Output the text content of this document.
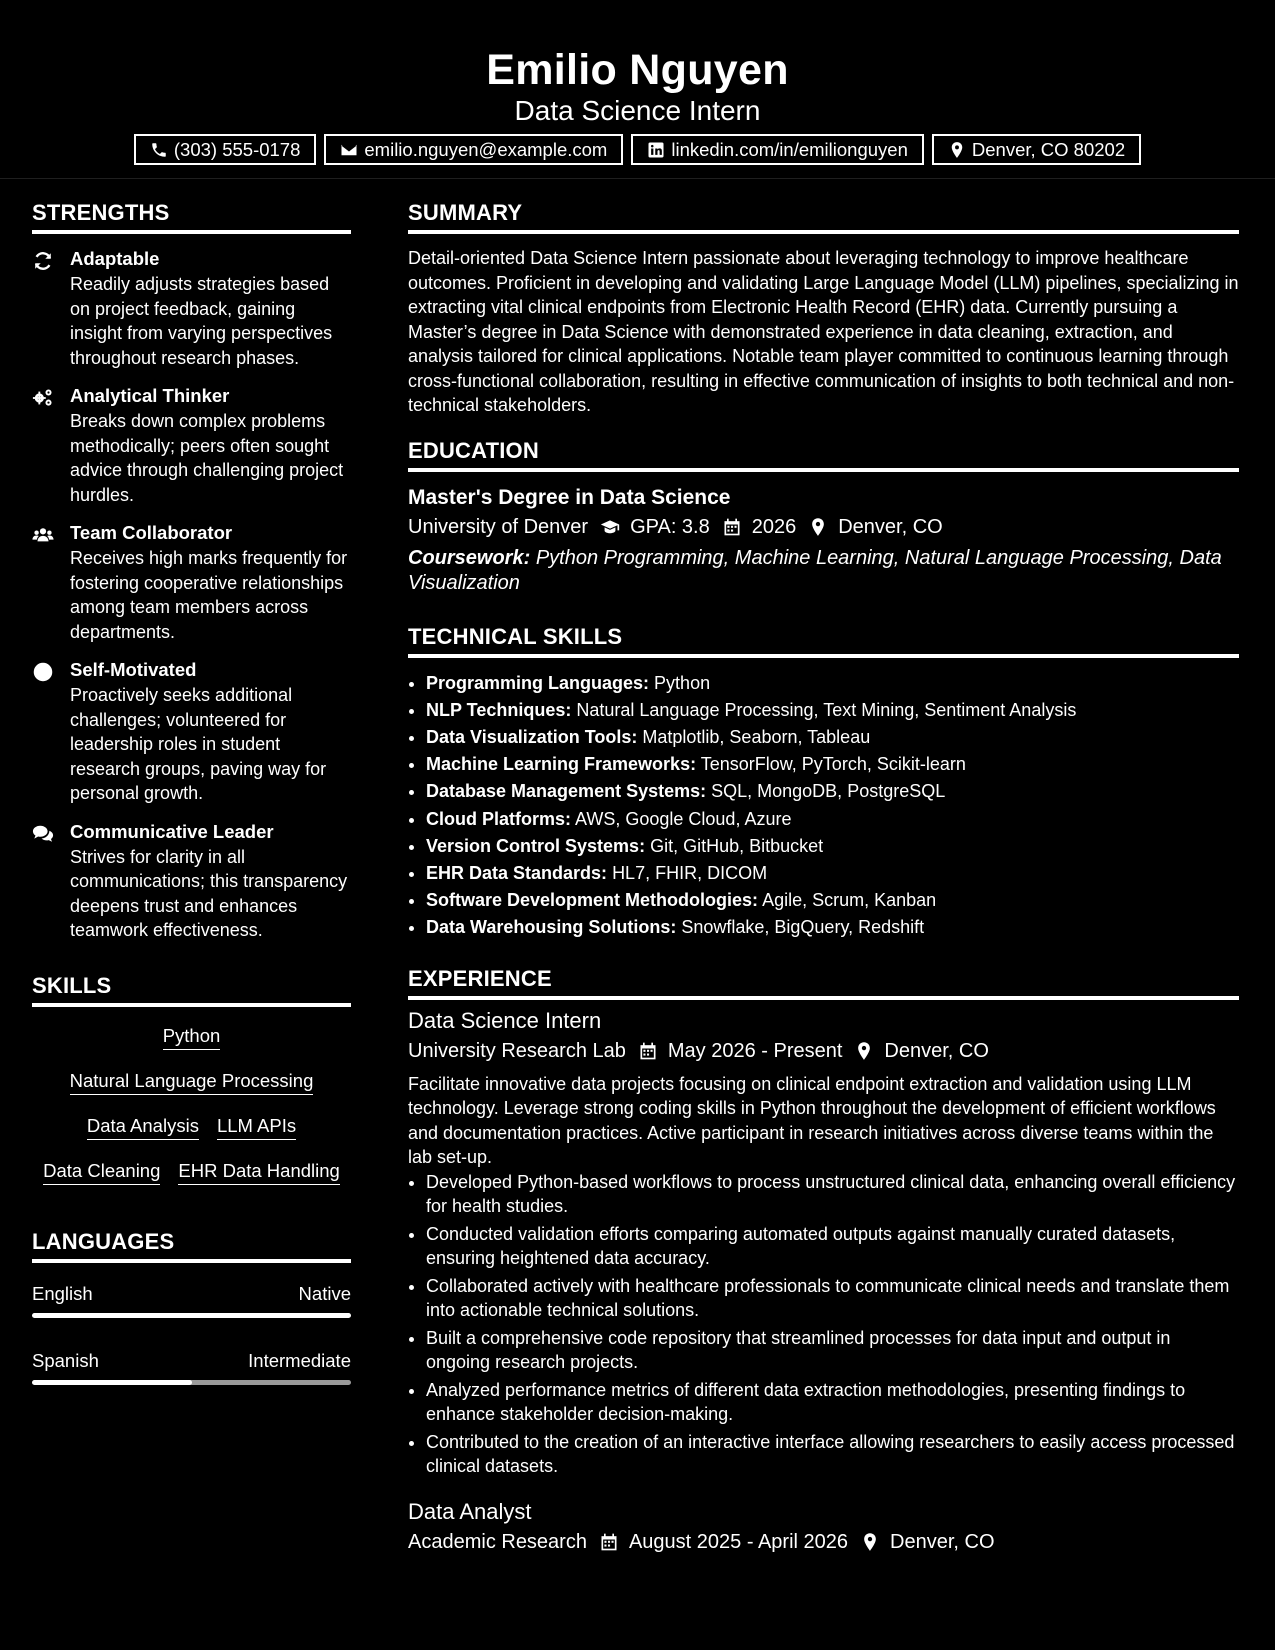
Emilio Nguyen
Data Science Intern
(303) 555-0178	emilio.nguyen@example.com	linkedin.com/in/emilionguyen	Denver, CO 80202
STRENGTHS
Adaptable
Readily adjusts strategies based on project feedback, gaining insight from varying perspectives throughout research phases.
Analytical Thinker
Breaks down complex problems methodically; peers often sought advice through challenging project hurdles.
Team Collaborator
Receives high marks frequently for fostering cooperative relationships among team members across departments.
Self-Motivated
Proactively seeks additional challenges; volunteered for leadership roles in student research groups, paving way for personal growth.
Communicative Leader
Strives for clarity in all communications; this transparency deepens trust and enhances teamwork effectiveness.
SKILLS
Python
Natural Language Processing
Data Analysis LLM APIs
Data Cleaning EHR Data Handling
LANGUAGES
English	Native
Spanish	Intermediate
SUMMARY
Detail-oriented Data Science Intern passionate about leveraging technology to improve healthcare outcomes. Proficient in developing and validating Large Language Model (LLM) pipelines, specializing in extracting vital clinical endpoints from Electronic Health Record (EHR) data. Currently pursuing a Master’s degree in Data Science with demonstrated experience in data cleaning, extraction, and analysis tailored for clinical applications. Notable team player committed to continuous learning through cross-functional collaboration, resulting in effective communication of insights to both technical and non-technical stakeholders.
EDUCATION
Master's Degree in Data Science
University of Denver GPA: 3.8 2026 Denver, CO
Coursework: Python Programming, Machine Learning, Natural Language Processing, Data Visualization
TECHNICAL SKILLS
• Programming Languages: Python
• NLP Techniques: Natural Language Processing, Text Mining, Sentiment Analysis
• Data Visualization Tools: Matplotlib, Seaborn, Tableau
• Machine Learning Frameworks: TensorFlow, PyTorch, Scikit-learn
• Database Management Systems: SQL, MongoDB, PostgreSQL
• Cloud Platforms: AWS, Google Cloud, Azure
• Version Control Systems: Git, GitHub, Bitbucket
• EHR Data Standards: HL7, FHIR, DICOM
• Software Development Methodologies: Agile, Scrum, Kanban
• Data Warehousing Solutions: Snowflake, BigQuery, Redshift
EXPERIENCE
Data Science Intern
University Research Lab May 2026 - Present Denver, CO
Facilitate innovative data projects focusing on clinical endpoint extraction and validation using LLM technology. Leverage strong coding skills in Python throughout the development of efficient workflows and documentation practices. Active participant in research initiatives across diverse teams within the lab set-up.
• Developed Python-based workflows to process unstructured clinical data, enhancing overall efficiency for health studies.
• Conducted validation efforts comparing automated outputs against manually curated datasets, ensuring heightened data accuracy.
• Collaborated actively with healthcare professionals to communicate clinical needs and translate them into actionable technical solutions.
• Built a comprehensive code repository that streamlined processes for data input and output in ongoing research projects.
• Analyzed performance metrics of different data extraction methodologies, presenting findings to enhance stakeholder decision-making.
• Contributed to the creation of an interactive interface allowing researchers to easily access processed clinical datasets.
Data Analyst
Academic Research August 2025 - April 2026 Denver, CO
